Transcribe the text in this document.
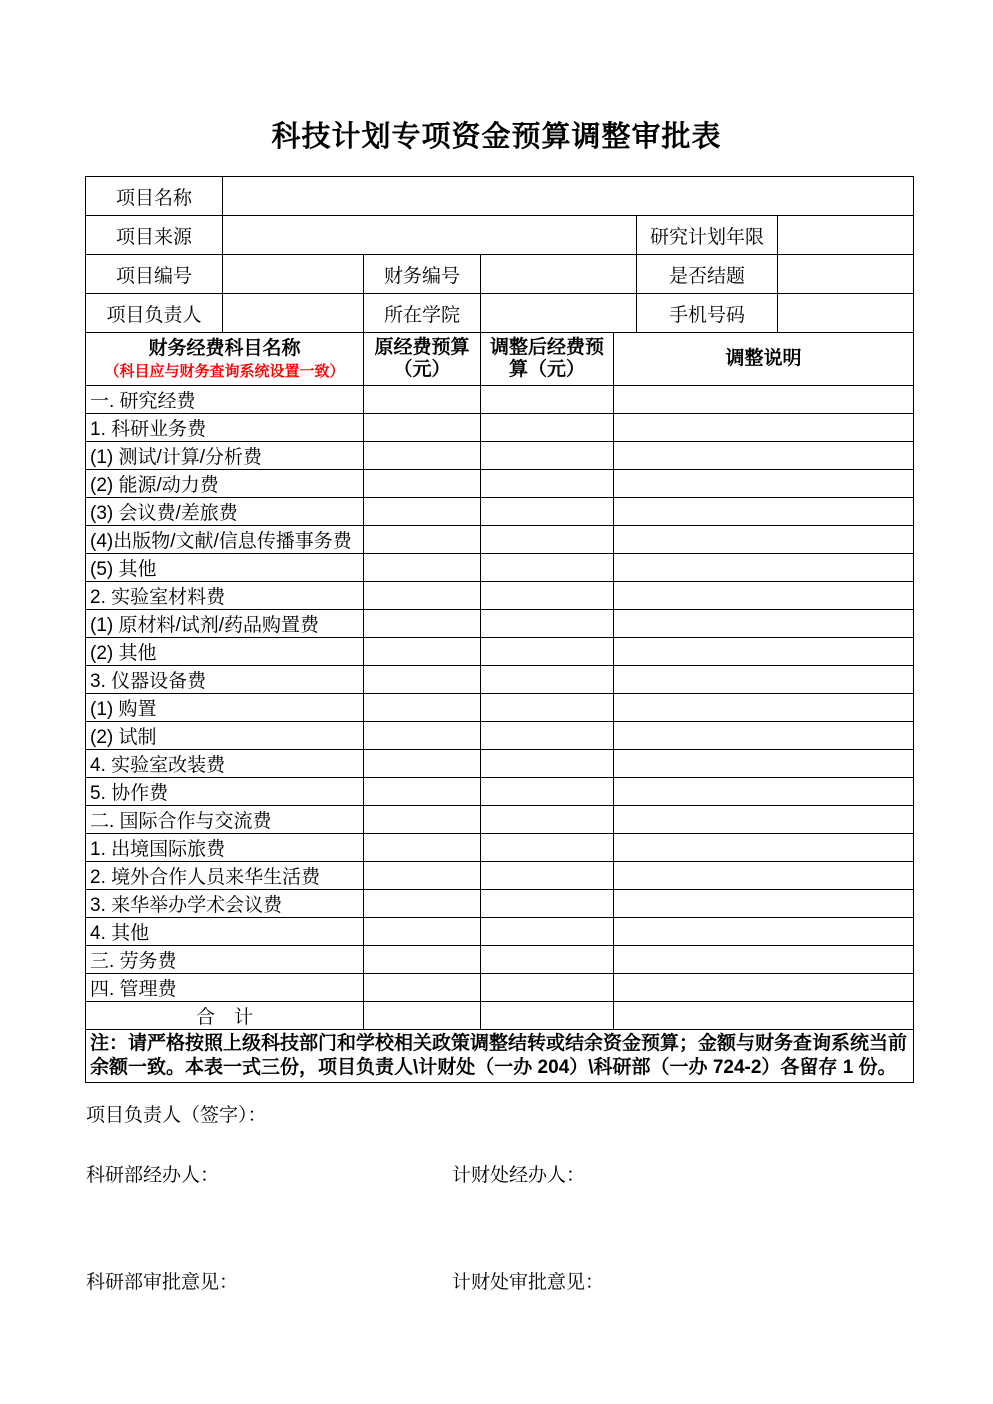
科技计划专项资金预算调整审批表
项目名称						
项目来源					研究计划年限	
项目编号		财务编号			是否结题	
项目负责人		所在学院			手机号码	
财务经费科目名称
（科目应与财务查询系统设置一致）		原经费预算（元）	调整后经费预算（元）	调整说明		
一. 研究经费						
1. 科研业务费						
(1) 测试/计算/分析费						
(2) 能源/动力费						
(3) 会议费/差旅费						
(4)出版物/文献/信息传播事务费						
(5) 其他						
2. 实验室材料费						
(1) 原材料/试剂/药品购置费						
(2) 其他						
3. 仪器设备费						
(1) 购置						
(2) 试制						
4. 实验室改装费						
5. 协作费						
二. 国际合作与交流费						
1. 出境国际旅费						
2. 境外合作人员来华生活费						
3. 来华举办学术会议费						
4. 其他						
三. 劳务费						
四. 管理费						
合　计						
注：请严格按照上级科技部门和学校相关政策调整结转或结余资金预算；金额与财务查询系统当前余额一致。本表一式三份，项目负责人\计财处（一办 204）\科研部（一办 724-2）各留存 1 份。						
项目负责人（签字）：
科研部经办人：	计财处经办人：
科研部审批意见：	计财处审批意见：
